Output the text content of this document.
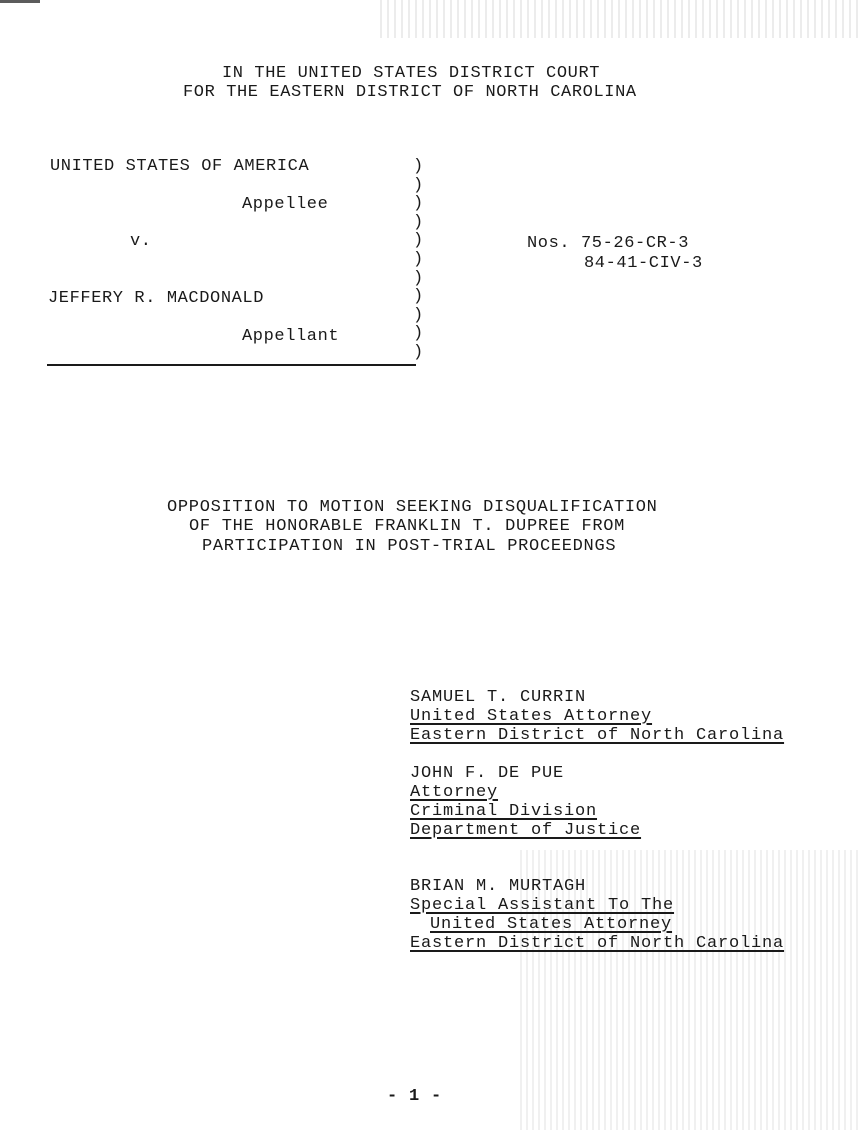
IN THE UNITED STATES DISTRICT COURT
FOR THE EASTERN DISTRICT OF NORTH CAROLINA
UNITED STATES OF AMERICA
Appellee
v.
JEFFERY R. MACDONALD
Appellant
)
)
)
)
)
)
)
)
)
)
)
Nos. 75-26-CR-3
84-41-CIV-3
OPPOSITION TO MOTION SEEKING DISQUALIFICATION
OF THE HONORABLE FRANKLIN T. DUPREE FROM
PARTICIPATION IN POST-TRIAL PROCEEDNGS
SAMUEL T. CURRIN
United States Attorney
Eastern District of North Carolina
JOHN F. DE PUE
Attorney
Criminal Division
Department of Justice
BRIAN M. MURTAGH
Special Assistant To The
United States Attorney
Eastern District of North Carolina
- 1 -
